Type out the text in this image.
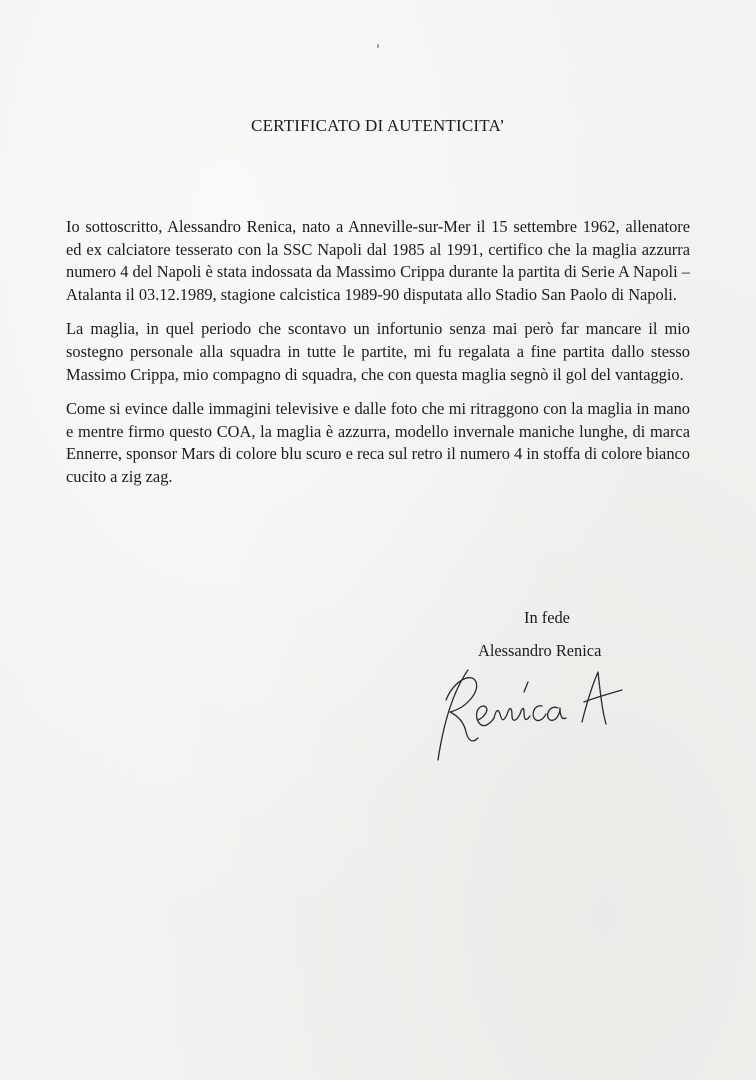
CERTIFICATO DI AUTENTICITA’

Io sottoscritto, Alessandro Renica, nato a Anneville-sur-Mer il 15 settembre 1962, allenatore ed ex calciatore tesserato con la SSC Napoli dal 1985 al 1991, certifico che la maglia azzurra numero 4 del Napoli è stata indossata da Massimo Crippa durante la partita di Serie A Napoli – Atalanta il 03.12.1989, stagione calcistica 1989-90 disputata allo Stadio San Paolo di Napoli.

La maglia, in quel periodo che scontavo un infortunio senza mai però far mancare il mio sostegno personale alla squadra in tutte le partite, mi fu regalata a fine partita dallo stesso Massimo Crippa, mio compagno di squadra, che con questa maglia segnò il gol del vantaggio.

Come si evince dalle immagini televisive e dalle foto che mi ritraggono con la maglia in mano e mentre firmo questo COA, la maglia è azzurra, modello invernale maniche lunghe, di marca Ennerre, sponsor Mars di colore blu scuro e reca sul retro il numero 4 in stoffa di colore bianco cucito a zig zag.

In fede
Alessandro Renica
